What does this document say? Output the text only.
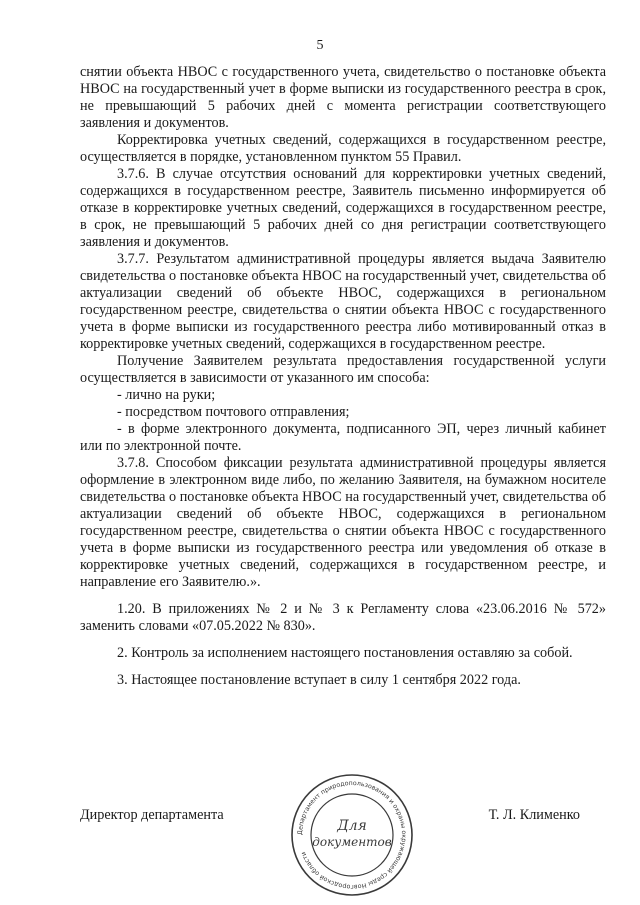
5

снятии объекта НВОС с государственного учета, свидетельство о постановке объекта НВОС на государственный учет в форме выписки из государственного реестра в срок, не превышающий 5 рабочих дней с момента регистрации соответствующего заявления и документов.

Корректировка учетных сведений, содержащихся в государственном реестре, осуществляется в порядке, установленном пунктом 55 Правил.

3.7.6. В случае отсутствия оснований для корректировки учетных сведений, содержащихся в государственном реестре, Заявитель письменно информируется об отказе в корректировке учетных сведений, содержащихся в государственном реестре, в срок, не превышающий 5 рабочих дней со дня регистрации соответствующего заявления и документов.

3.7.7. Результатом административной процедуры является выдача Заявителю свидетельства о постановке объекта НВОС на государственный учет, свидетельства об актуализации сведений об объекте НВОС, содержащихся в региональном государственном реестре, свидетельства о снятии объекта НВОС с государственного учета в форме выписки из государственного реестра либо мотивированный отказ в корректировке учетных сведений, содержащихся в государственном реестре.

Получение Заявителем результата предоставления государственной услуги осуществляется в зависимости от указанного им способа:

- лично на руки;

- посредством почтового отправления;

- в форме электронного документа, подписанного ЭП, через личный кабинет или по электронной почте.

3.7.8. Способом фиксации результата административной процедуры является оформление в электронном виде либо, по желанию Заявителя, на бумажном носителе свидетельства о постановке объекта НВОС на государственный учет, свидетельства об актуализации сведений об объекте НВОС, содержащихся в региональном государственном реестре, свидетельства о снятии объекта НВОС с государственного учета в форме выписки из государственного реестра или уведомления об отказе в корректировке учетных сведений, содержащихся в государственном реестре, и направление его Заявителю.».

1.20. В приложениях № 2 и № 3 к Регламенту слова «23.06.2016 № 572» заменить словами «07.05.2022 № 830».

2. Контроль за исполнением настоящего постановления оставляю за собой.

3. Настоящее постановление вступает в силу 1 сентября 2022 года.

Директор департамента	Т. Л. Клименко
Департамент природопользования и охраны окружающей среды Новгородской области
Для
документов
